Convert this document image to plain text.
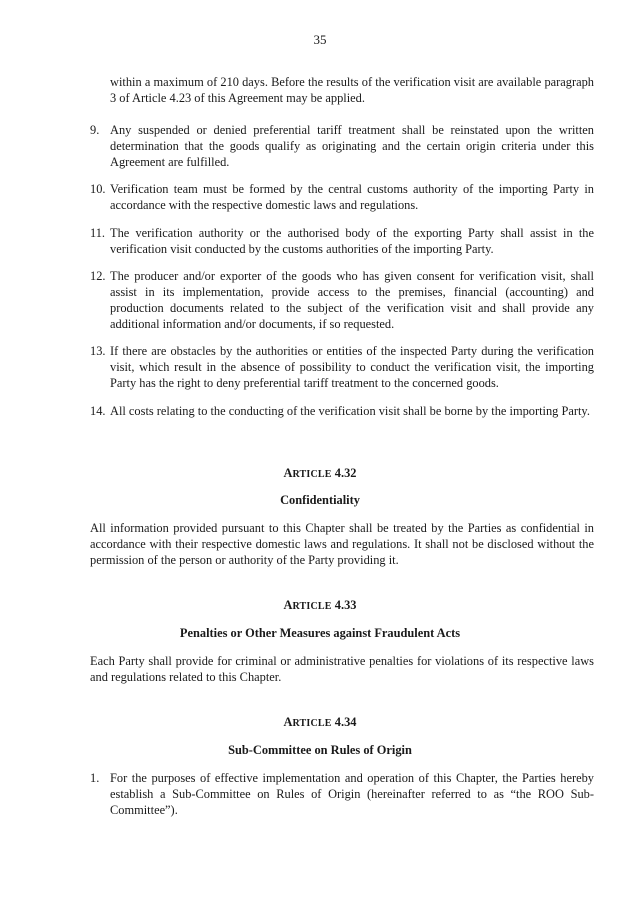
35
within a maximum of 210 days. Before the results of the verification visit are available paragraph 3 of Article 4.23 of this Agreement may be applied.
9. Any suspended or denied preferential tariff treatment shall be reinstated upon the written determination that the goods qualify as originating and the certain origin criteria under this Agreement are fulfilled.
10. Verification team must be formed by the central customs authority of the importing Party in accordance with the respective domestic laws and regulations.
11. The verification authority or the authorised body of the exporting Party shall assist in the verification visit conducted by the customs authorities of the importing Party.
12. The producer and/or exporter of the goods who has given consent for verification visit, shall assist in its implementation, provide access to the premises, financial (accounting) and production documents related to the subject of the verification visit and shall provide any additional information and/or documents, if so requested.
13. If there are obstacles by the authorities or entities of the inspected Party during the verification visit, which result in the absence of possibility to conduct the verification visit, the importing Party has the right to deny preferential tariff treatment to the concerned goods.
14. All costs relating to the conducting of the verification visit shall be borne by the importing Party.
ARTICLE 4.32
Confidentiality
All information provided pursuant to this Chapter shall be treated by the Parties as confidential in accordance with their respective domestic laws and regulations. It shall not be disclosed without the permission of the person or authority of the Party providing it.
ARTICLE 4.33
Penalties or Other Measures against Fraudulent Acts
Each Party shall provide for criminal or administrative penalties for violations of its respective laws and regulations related to this Chapter.
ARTICLE 4.34
Sub-Committee on Rules of Origin
1. For the purposes of effective implementation and operation of this Chapter, the Parties hereby establish a Sub-Committee on Rules of Origin (hereinafter referred to as “the ROO Sub-Committee”).
